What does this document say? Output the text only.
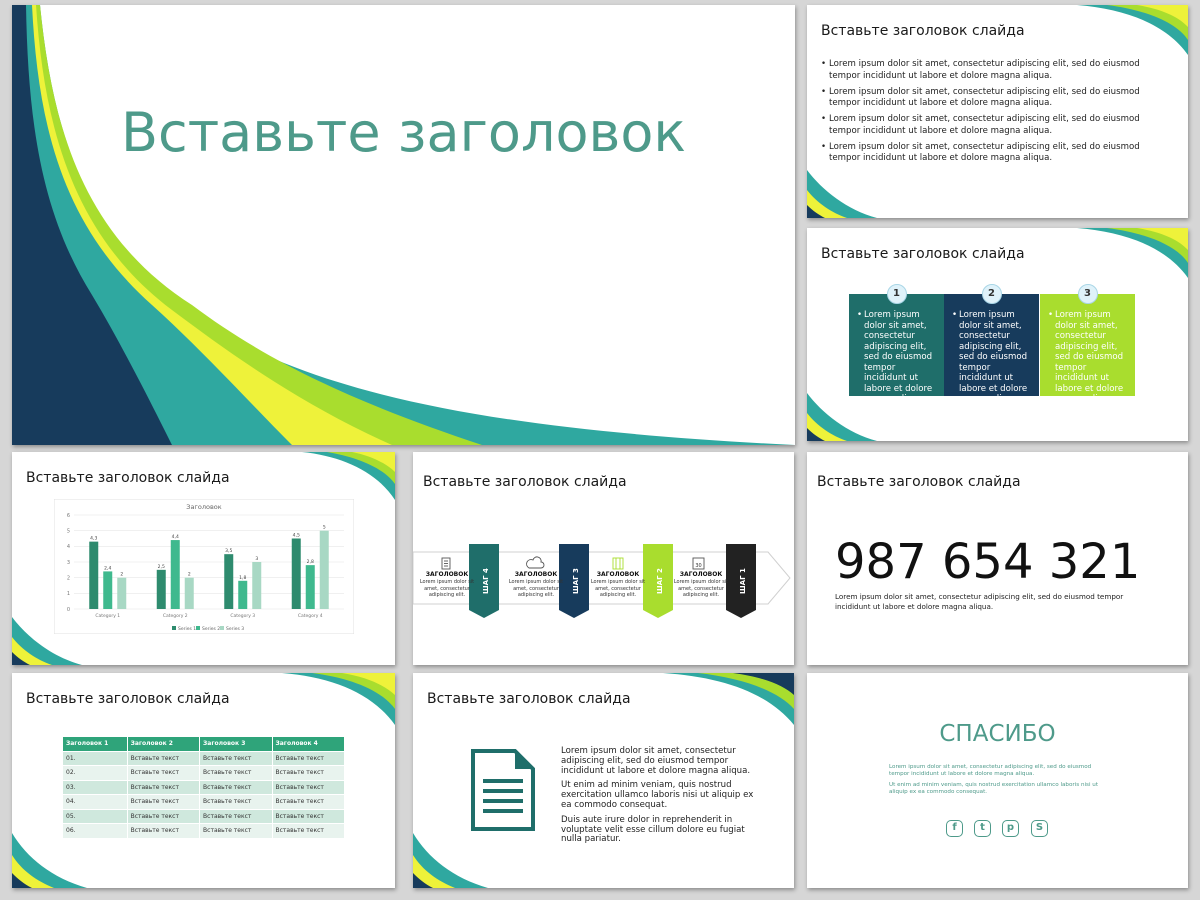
Вставьте заголовок
Вставьте заголовок слайда
• Lorem ipsum dolor sit amet, consectetur adipiscing elit, sed do eiusmod tempor incididunt ut labore et dolore magna aliqua.
• Lorem ipsum dolor sit amet, consectetur adipiscing elit, sed do eiusmod tempor incididunt ut labore et dolore magna aliqua.
• Lorem ipsum dolor sit amet, consectetur adipiscing elit, sed do eiusmod tempor incididunt ut labore et dolore magna aliqua.
• Lorem ipsum dolor sit amet, consectetur adipiscing elit, sed do eiusmod tempor incididunt ut labore et dolore magna aliqua.
Вставьте заголовок слайда
1
• Lorem ipsum dolor sit amet, consectetur adipiscing elit, sed do eiusmod tempor incididunt ut labore et dolore magna aliqua.
2
• Lorem ipsum dolor sit amet, consectetur adipiscing elit, sed do eiusmod tempor incididunt ut labore et dolore magna aliqua.
3
• Lorem ipsum dolor sit amet, consectetur adipiscing elit, sed do eiusmod tempor incididunt ut labore et dolore magna aliqua.
Вставьте заголовок слайда
Заголовок
0
1
2
3
4
5
6
4,3
2,4
2
Category 1
2,5
4,4
2
Category 2
3,5
1,8
3
Category 3
4,5
2,8
5
Category 4
Series 1 Series 2 Series 3
Вставьте заголовок слайда
ШАГ 4	ШАГ 3	ШАГ 2	ШАГ 1
30
ЗАГОЛОВОК
Lorem ipsum dolor sit amet, consectetur adipiscing elit.
ЗАГОЛОВОК
Lorem ipsum dolor sit amet, consectetur adipiscing elit.
ЗАГОЛОВОК
Lorem ipsum dolor sit amet, consectetur adipiscing elit.
ЗАГОЛОВОК
Lorem ipsum dolor sit amet, consectetur adipiscing elit.
Вставьте заголовок слайда
987 654 321
Lorem ipsum dolor sit amet, consectetur adipiscing elit, sed do eiusmod tempor incididunt ut labore et dolore magna aliqua.
Вставьте заголовок слайда
Заголовок 1	Заголовок 2	Заголовок 3	Заголовок 4
01.	Вставьте текст	Вставьте текст	Вставьте текст
02.	Вставьте текст	Вставьте текст	Вставьте текст
03.	Вставьте текст	Вставьте текст	Вставьте текст
04.	Вставьте текст	Вставьте текст	Вставьте текст
05.	Вставьте текст	Вставьте текст	Вставьте текст
06.	Вставьте текст	Вставьте текст	Вставьте текст
Вставьте заголовок слайда

Lorem ipsum dolor sit amet, consectetur adipiscing elit, sed do eiusmod tempor incididunt ut labore et dolore magna aliqua.

Ut enim ad minim veniam, quis nostrud exercitation ullamco laboris nisi ut aliquip ex ea commodo consequat.

Duis aute irure dolor in reprehenderit in voluptate velit esse cillum dolore eu fugiat nulla pariatur.

СПАСИБО
Lorem ipsum dolor sit amet, consectetur adipiscing elit, sed do eiusmod tempor incididunt ut labore et dolore magna aliqua.
Ut enim ad minim veniam, quis nostrud exercitation ullamco laboris nisi ut aliquip ex ea commodo consequat.
f	t	p	S
